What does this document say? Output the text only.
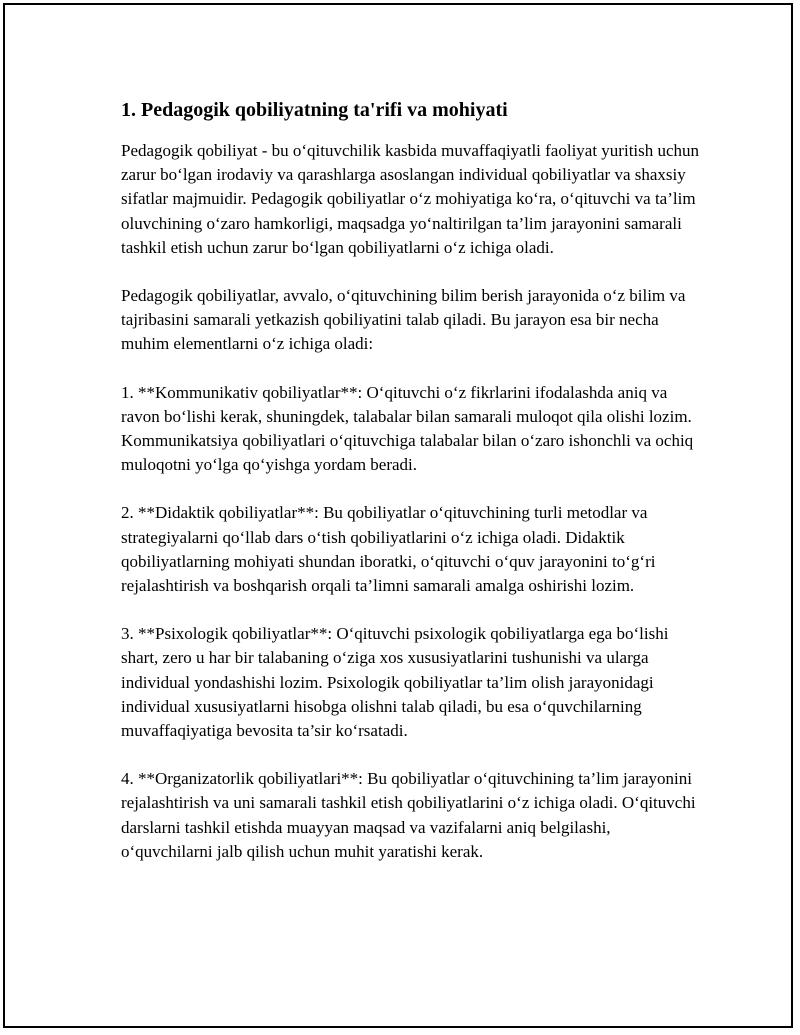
1. Pedagogik qobiliyatning ta'rifi va mohiyati

Pedagogik qobiliyat - bu o‘qituvchilik kasbida muvaffaqiyatli faoliyat yuritish uchun zarur bo‘lgan irodaviy va qarashlarga asoslangan individual qobiliyatlar va shaxsiy sifatlar majmuidir. Pedagogik qobiliyatlar o‘z mohiyatiga ko‘ra, o‘qituvchi va ta’lim oluvchining o‘zaro hamkorligi, maqsadga yo‘naltirilgan ta’lim jarayonini samarali tashkil etish uchun zarur bo‘lgan qobiliyatlarni o‘z ichiga oladi.

Pedagogik qobiliyatlar, avvalo, o‘qituvchining bilim berish jarayonida o‘z bilim va tajribasini samarali yetkazish qobiliyatini talab qiladi. Bu jarayon esa bir necha muhim elementlarni o‘z ichiga oladi:

1. **Kommunikativ qobiliyatlar**: O‘qituvchi o‘z fikrlarini ifodalashda aniq va ravon bo‘lishi kerak, shuningdek, talabalar bilan samarali muloqot qila olishi lozim. Kommunikatsiya qobiliyatlari o‘qituvchiga talabalar bilan o‘zaro ishonchli va ochiq muloqotni yo‘lga qo‘yishga yordam beradi.

2. **Didaktik qobiliyatlar**: Bu qobiliyatlar o‘qituvchining turli metodlar va strategiyalarni qo‘llab dars o‘tish qobiliyatlarini o‘z ichiga oladi. Didaktik qobiliyatlarning mohiyati shundan iboratki, o‘qituvchi o‘quv jarayonini to‘g‘ri rejalashtirish va boshqarish orqali ta’limni samarali amalga oshirishi lozim.

3. **Psixologik qobiliyatlar**: O‘qituvchi psixologik qobiliyatlarga ega bo‘lishi shart, zero u har bir talabaning o‘ziga xos xususiyatlarini tushunishi va ularga individual yondashishi lozim. Psixologik qobiliyatlar ta’lim olish jarayonidagi individual xususiyatlarni hisobga olishni talab qiladi, bu esa o‘quvchilarning muvaffaqiyatiga bevosita ta’sir ko‘rsatadi.

4. **Organizatorlik qobiliyatlari**: Bu qobiliyatlar o‘qituvchining ta’lim jarayonini rejalashtirish va uni samarali tashkil etish qobiliyatlarini o‘z ichiga oladi. O‘qituvchi darslarni tashkil etishda muayyan maqsad va vazifalarni aniq belgilashi, o‘quvchilarni jalb qilish uchun muhit yaratishi kerak.
